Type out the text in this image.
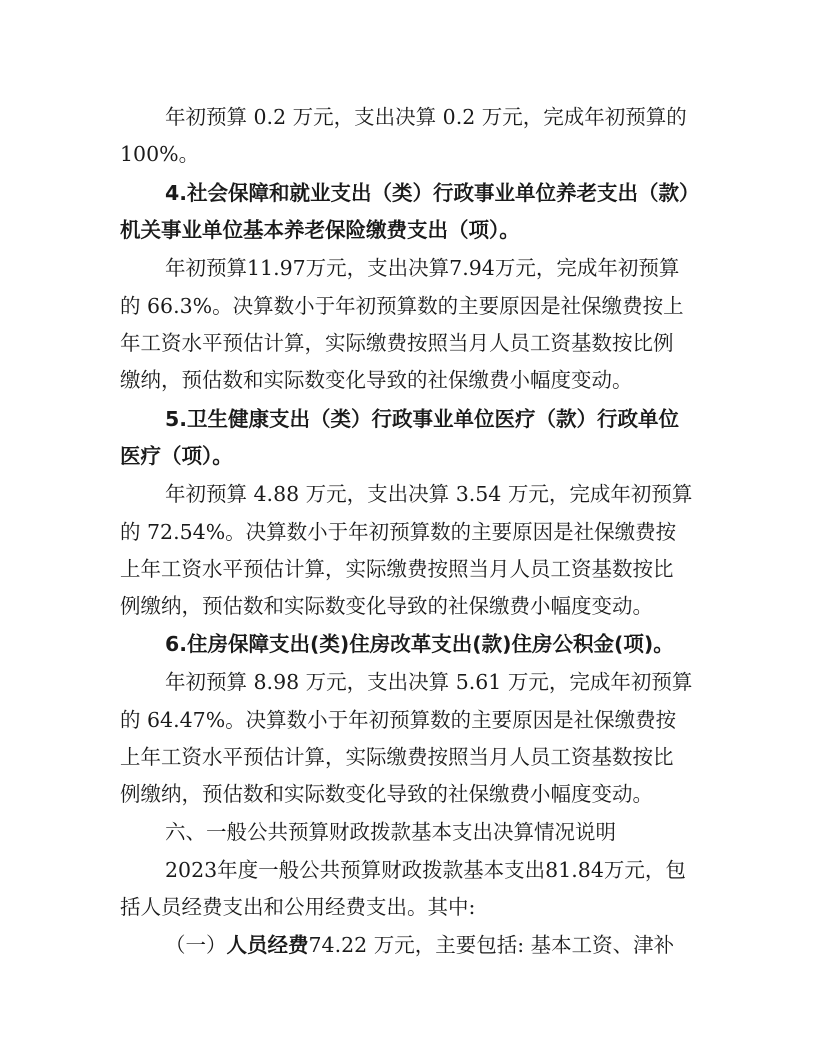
年初预算 0.2 万元，支出决算 0.2 万元，完成年初预算的
100%。
4.社会保障和就业支出（类）行政事业单位养老支出（款）
机关事业单位基本养老保险缴费支出（项）。
年初预算11.97万元，支出决算7.94万元，完成年初预算
的 66.3%。决算数小于年初预算数的主要原因是社保缴费按上
年工资水平预估计算，实际缴费按照当月人员工资基数按比例
缴纳，预估数和实际数变化导致的社保缴费小幅度变动。
5.卫生健康支出（类）行政事业单位医疗（款）行政单位
医疗（项）。
年初预算 4.88 万元，支出决算 3.54 万元，完成年初预算
的 72.54%。决算数小于年初预算数的主要原因是社保缴费按
上年工资水平预估计算，实际缴费按照当月人员工资基数按比
例缴纳，预估数和实际数变化导致的社保缴费小幅度变动。
6.住房保障支出(类)住房改革支出(款)住房公积金(项)。
年初预算 8.98 万元，支出决算 5.61 万元，完成年初预算
的 64.47%。决算数小于年初预算数的主要原因是社保缴费按
上年工资水平预估计算，实际缴费按照当月人员工资基数按比
例缴纳，预估数和实际数变化导致的社保缴费小幅度变动。
六、一般公共预算财政拨款基本支出决算情况说明
2023年度一般公共预算财政拨款基本支出81.84万元，包
括人员经费支出和公用经费支出。其中:
（一）人员经费74.22 万元，主要包括: 基本工资、津补
